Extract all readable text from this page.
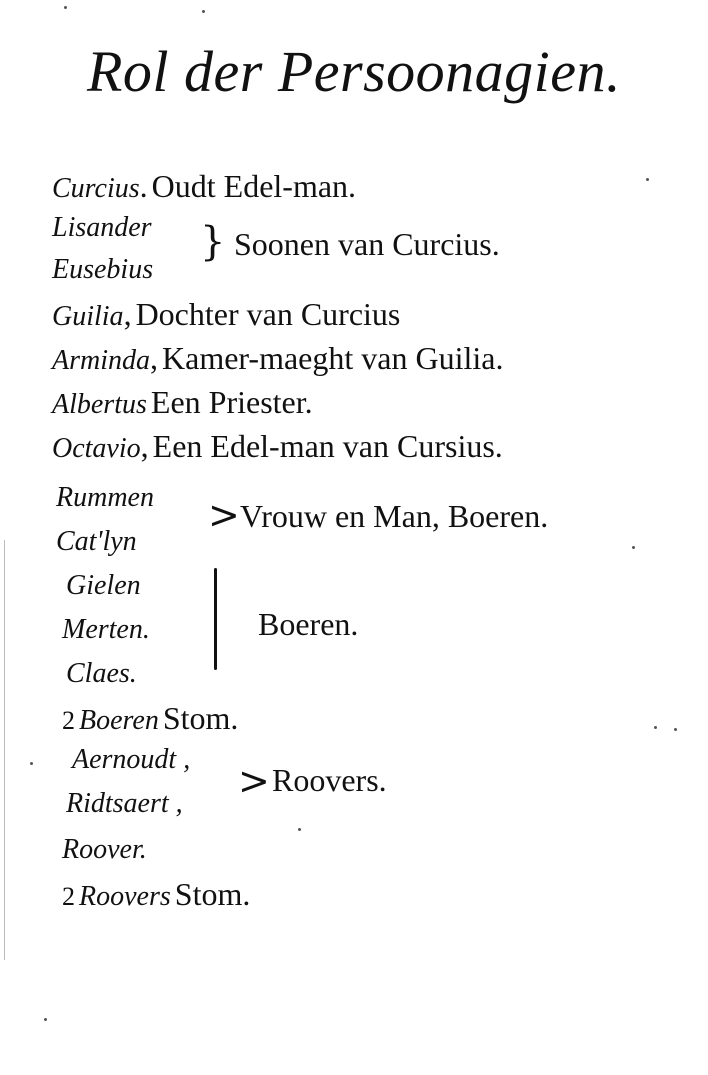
Rol der Persoonagien.
Curcius. Oudt Edel-man.
Lisander
Eusebius
} Soonen van Curcius.
Guilia, Dochter van Curcius
Arminda, Kamer-maeght van Guilia.
Albertus Een Priester.
Octavio, Een Edel-man van Cursius.
Rummen
Cat'lyn
> Vrouw en Man, Boeren.
Gielen
Merten.
Claes.
Boeren.
2 Boeren Stom.
Aernoudt ,
Ridtsaert ,
Roover.
> Roovers.
2 Roovers Stom.
